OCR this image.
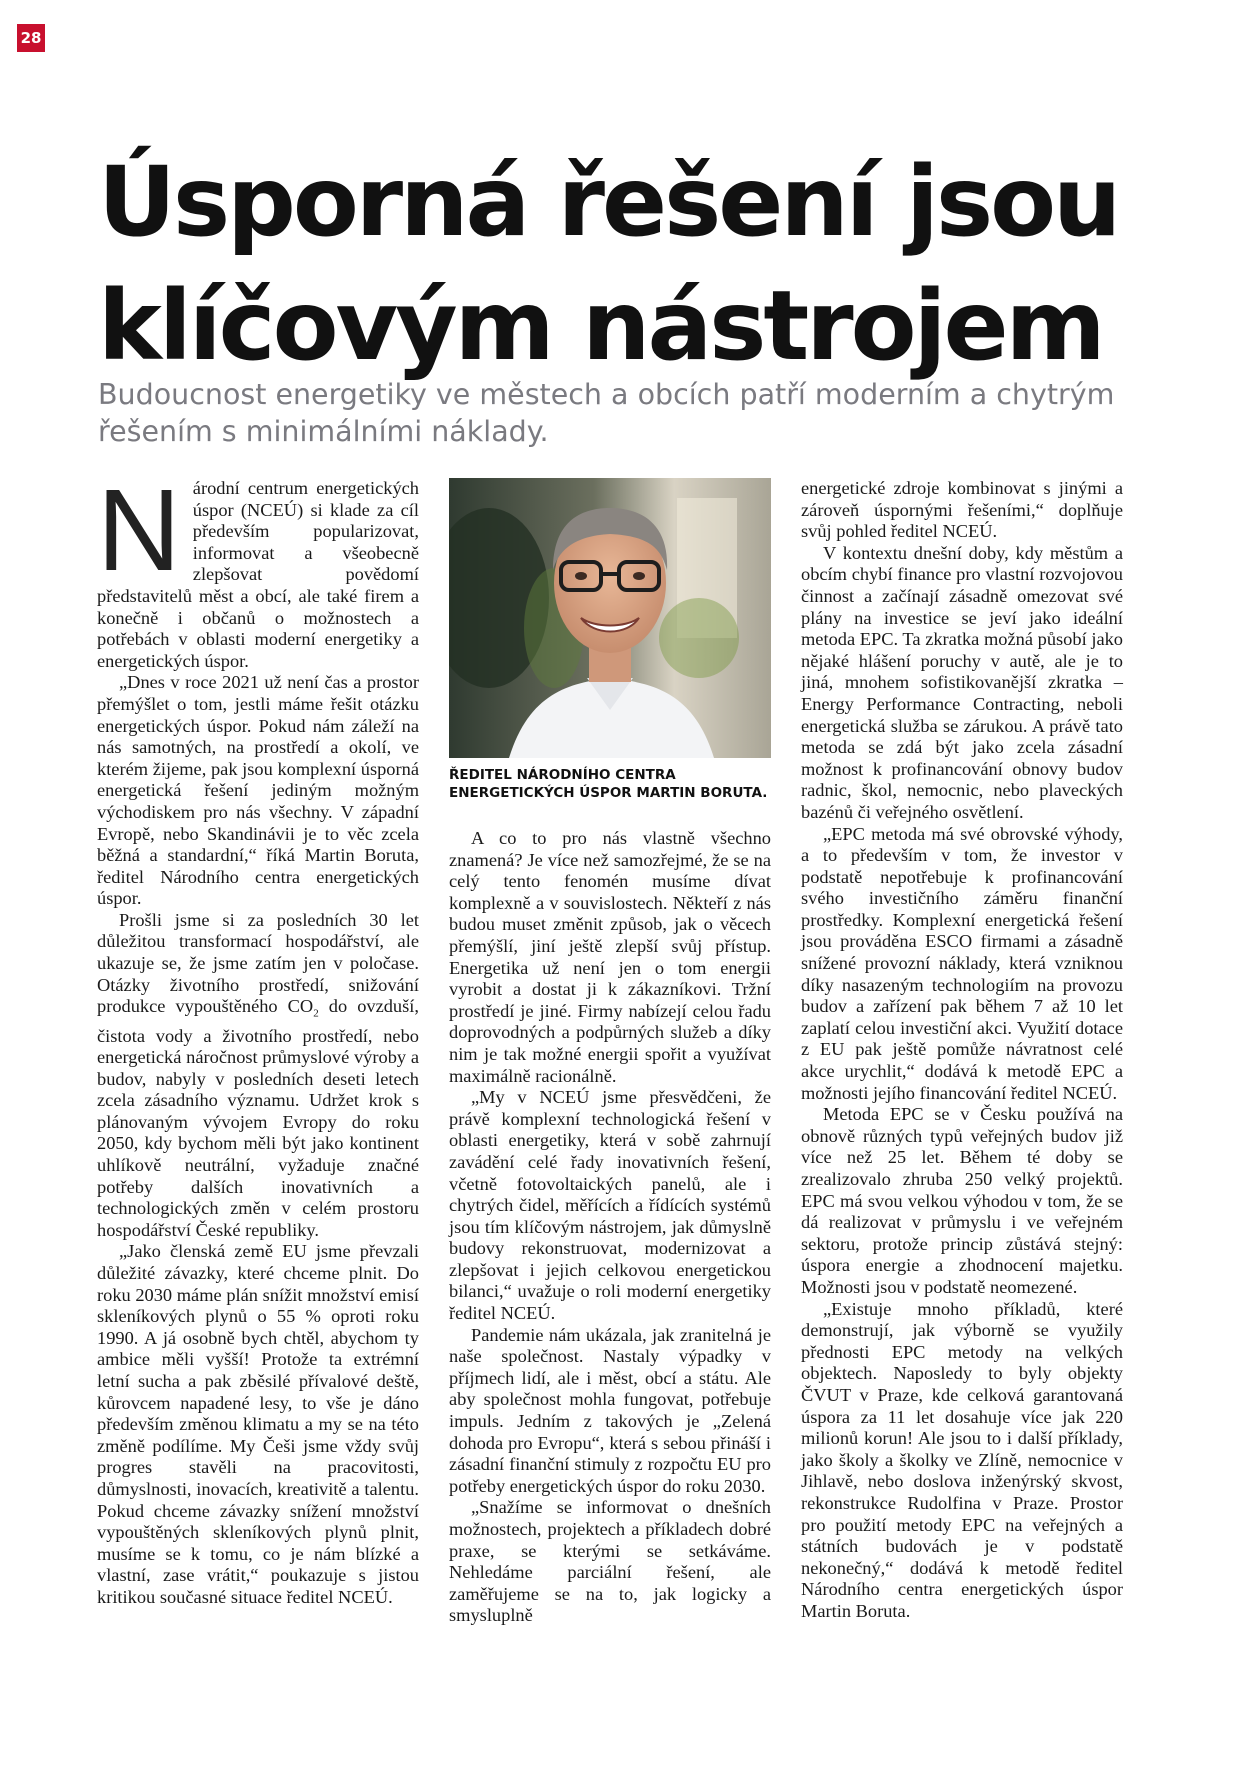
28
Úsporná řešení jsou klíčovým nástrojem

Budoucnost energetiky ve městech a obcích patří moderním a chytrým řešením s minimálními náklady.

Národní centrum energetických úspor (NCEÚ) si klade za cíl především popularizovat, informovat a všeobecně zlepšovat povědomí představitelů měst a obcí, ale také firem a konečně i občanů o možnostech a potřebách v oblasti moderní energetiky a energetických úspor.

„Dnes v roce 2021 už není čas a prostor přemýšlet o tom, jestli máme řešit otázku energetických úspor. Pokud nám záleží na nás samotných, na prostředí a okolí, ve kterém žijeme, pak jsou komplexní úsporná energetická řešení jediným možným východiskem pro nás všechny. V západní Evropě, nebo Skandinávii je to věc zcela běžná a standardní,“ říká Martin Boruta, ředitel Národního centra energetických úspor.

Prošli jsme si za posledních 30 let důležitou transformací hospodářství, ale ukazuje se, že jsme zatím jen v poločase. Otázky životního prostředí, snižování produkce vypouštěného $CO_2$ do ovzduší, čistota vody a životního prostředí, nebo energetická náročnost průmyslové výroby a budov, nabyly v posledních deseti letech zcela zásadního významu. Udržet krok s plánovaným vývojem Evropy do roku 2050, kdy bychom měli být jako kontinent uhlíkově neutrální, vyžaduje značné potřeby dalších inovativních a technologických změn v celém prostoru hospodářství České republiky.

„Jako členská země EU jsme převzali důležité závazky, které chceme plnit. Do roku 2030 máme plán snížit množství emisí skleníkových plynů o 55 % oproti roku 1990. A já osobně bych chtěl, abychom ty ambice měli vyšší! Protože ta extrémní letní sucha a pak zběsilé přívalové deště, kůrovcem napadené lesy, to vše je dáno především změnou klimatu a my se na této změně podílíme. My Češi jsme vždy svůj progres stavěli na pracovitosti, důmyslnosti, inovacích, kreativitě a talentu. Pokud chceme závazky snížení množství vypouštěných skleníkových plynů plnit, musíme se k tomu, co je nám blízké a vlastní, zase vrátit,“ poukazuje s jistou kritikou současné situace ředitel NCEÚ.

ŘEDITEL NÁRODNÍHO CENTRA ENERGETICKÝCH ÚSPOR MARTIN BORUTA.

A co to pro nás vlastně všechno znamená? Je více než samozřejmé, že se na celý tento fenomén musíme dívat komplexně a v souvislostech. Někteří z nás budou muset změnit způsob, jak o věcech přemýšlí, jiní ještě zlepší svůj přístup. Energetika už není jen o tom energii vyrobit a dostat ji k zákazníkovi. Tržní prostředí je jiné. Firmy nabízejí celou řadu doprovodných a podpůrných služeb a díky nim je tak možné energii spořit a využívat maximálně racionálně.

„My v NCEÚ jsme přesvědčeni, že právě komplexní technologická řešení v oblasti energetiky, která v sobě zahrnují zavádění celé řady inovativních řešení, včetně fotovoltaických panelů, ale i chytrých čidel, měřících a řídících systémů jsou tím klíčovým nástrojem, jak důmyslně budovy rekonstruovat, modernizovat a zlepšovat i jejich celkovou energetickou bilanci,“ uvažuje o roli moderní energetiky ředitel NCEÚ.

Pandemie nám ukázala, jak zranitelná je naše společnost. Nastaly výpadky v příjmech lidí, ale i měst, obcí a státu. Ale aby společnost mohla fungovat, potřebuje impuls. Jedním z takových je „Zelená dohoda pro Evropu“, která s sebou přináší i zásadní finanční stimuly z rozpočtu EU pro potřeby energetických úspor do roku 2030.

„Snažíme se informovat o dnešních možnostech, projektech a příkladech dobré praxe, se kterými se setkáváme. Nehledáme parciální řešení, ale zaměřujeme se na to, jak logicky a smysluplně

energetické zdroje kombinovat s jinými a zároveň úspornými řešeními,“ doplňuje svůj pohled ředitel NCEÚ.

V kontextu dnešní doby, kdy městům a obcím chybí finance pro vlastní rozvojovou činnost a začínají zásadně omezovat své plány na investice se jeví jako ideální metoda EPC. Ta zkratka možná působí jako nějaké hlášení poruchy v autě, ale je to jiná, mnohem sofistikovanější zkratka – Energy Performance Contracting, neboli energetická služba se zárukou. A právě tato metoda se zdá být jako zcela zásadní možnost k profinancování obnovy budov radnic, škol, nemocnic, nebo plaveckých bazénů či veřejného osvětlení.

„EPC metoda má své obrovské výhody, a to především v tom, že investor v podstatě nepotřebuje k profinancování svého investičního záměru finanční prostředky. Komplexní energetická řešení jsou prováděna ESCO firmami a zásadně snížené provozní náklady, která vzniknou díky nasazeným technologiím na provozu budov a zařízení pak během 7 až 10 let zaplatí celou investiční akci. Využití dotace z EU pak ještě pomůže návratnost celé akce urychlit,“ dodává k metodě EPC a možnosti jejího financování ředitel NCEÚ.

Metoda EPC se v Česku používá na obnově různých typů veřejných budov již více než 25 let. Během té doby se zrealizovalo zhruba 250 velký projektů. EPC má svou velkou výhodou v tom, že se dá realizovat v průmyslu i ve veřejném sektoru, protože princip zůstává stejný: úspora energie a zhodnocení majetku. Možnosti jsou v podstatě neomezené.

„Existuje mnoho příkladů, které demonstrují, jak výborně se využily přednosti EPC metody na velkých objektech. Naposledy to byly objekty ČVUT v Praze, kde celková garantovaná úspora za 11 let dosahuje více jak 220 milionů korun! Ale jsou to i další příklady, jako školy a školky ve Zlíně, nemocnice v Jihlavě, nebo doslova inženýrský skvost, rekonstrukce Rudolfina v Praze. Prostor pro použití metody EPC na veřejných a státních budovách je v podstatě nekonečný,“ dodává k metodě ředitel Národního centra energetických úspor Martin Boruta.
